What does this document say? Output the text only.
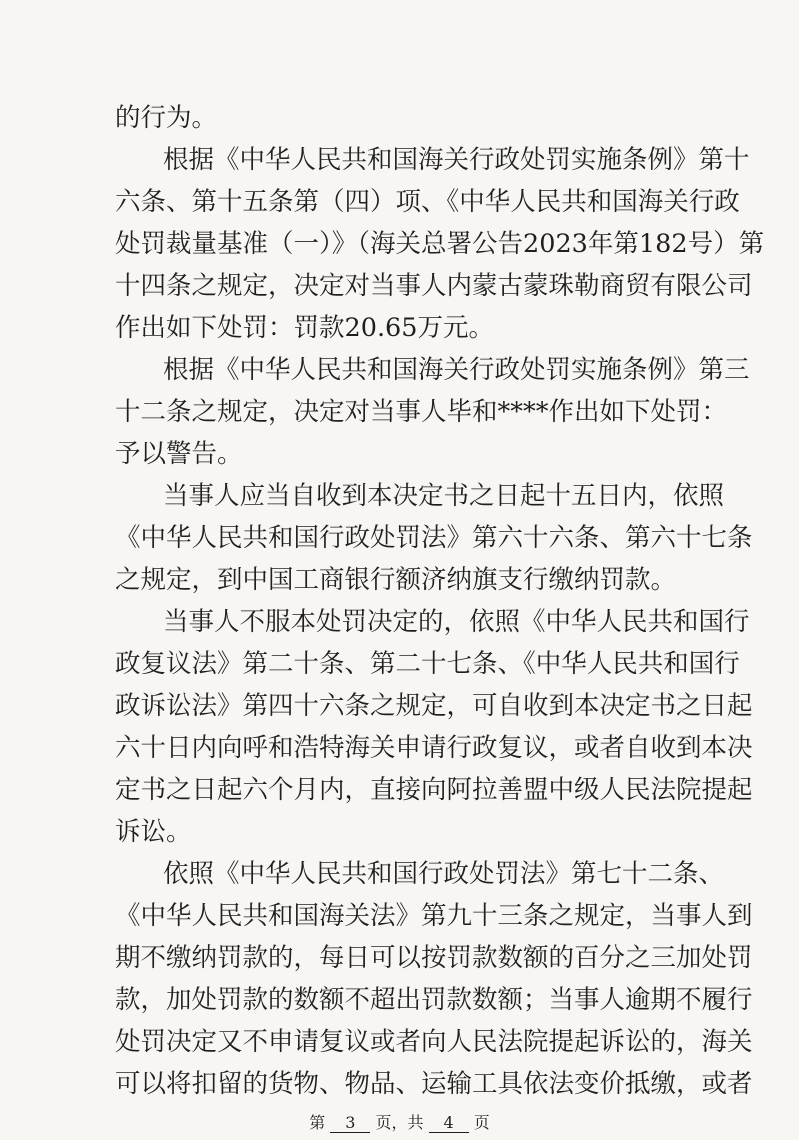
的行为。
根据《中华人民共和国海关行政处罚实施条例》第十
六条、第十五条第（四）项、《中华人民共和国海关行政
处罚裁量基准（一）》（海关总署公告2023年第182号）第
十四条之规定，决定对当事人内蒙古蒙珠勒商贸有限公司
作出如下处罚：罚款20.65万元。
根据《中华人民共和国海关行政处罚实施条例》第三
十二条之规定，决定对当事人毕和****作出如下处罚：
予以警告。
当事人应当自收到本决定书之日起十五日内，依照
《中华人民共和国行政处罚法》第六十六条、第六十七条
之规定，到中国工商银行额济纳旗支行缴纳罚款。
当事人不服本处罚决定的，依照《中华人民共和国行
政复议法》第二十条、第二十七条、《中华人民共和国行
政诉讼法》第四十六条之规定，可自收到本决定书之日起
六十日内向呼和浩特海关申请行政复议，或者自收到本决
定书之日起六个月内，直接向阿拉善盟中级人民法院提起
诉讼。
依照《中华人民共和国行政处罚法》第七十二条、
《中华人民共和国海关法》第九十三条之规定，当事人到
期不缴纳罚款的，每日可以按罚款数额的百分之三加处罚
款，加处罚款的数额不超出罚款数额；当事人逾期不履行
处罚决定又不申请复议或者向人民法院提起诉讼的，海关
可以将扣留的货物、物品、运输工具依法变价抵缴，或者
第 3 页，共 4 页
